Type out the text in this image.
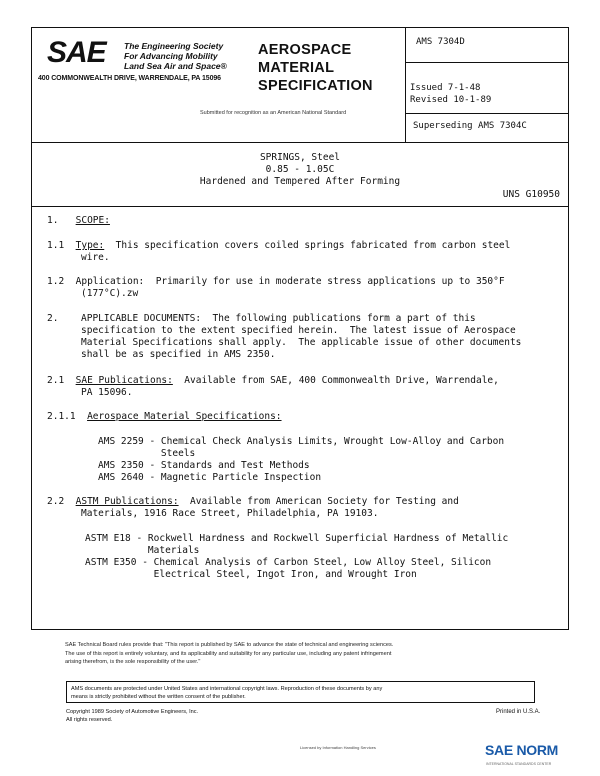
SAE The Engineering Society
For Advancing Mobility
Land Sea Air and Space®
400 COMMONWEALTH DRIVE, WARRENDALE, PA 15096
AEROSPACE
MATERIAL
SPECIFICATION
Submitted for recognition as an American National Standard
AMS 7304D
Issued 7-1-48
Revised 10-1-89
Superseding AMS 7304C
SPRINGS, Steel
0.85 - 1.05C
Hardened and Tempered After Forming
UNS G10950
1. SCOPE:
1.1 Type:  This specification covers coiled springs fabricated from carbon steel
wire.
1.2 Application:  Primarily for use in moderate stress applications up to 350°F
(177°C).zw
2. APPLICABLE DOCUMENTS:  The following publications form a part of this
specification to the extent specified herein.  The latest issue of Aerospace
Material Specifications shall apply.  The applicable issue of other documents
shall be as specified in AMS 2350.
2.1 SAE Publications:  Available from SAE, 400 Commonwealth Drive, Warrendale,
PA 15096.
2.1.1 Aerospace Material Specifications:
AMS 2259 - Chemical Check Analysis Limits, Wrought Low-Alloy and Carbon
Steels
AMS 2350 - Standards and Test Methods
AMS 2640 - Magnetic Particle Inspection
2.2 ASTM Publications:  Available from American Society for Testing and
Materials, 1916 Race Street, Philadelphia, PA 19103.
ASTM E18 - Rockwell Hardness and Rockwell Superficial Hardness of Metallic
Materials
ASTM E350 - Chemical Analysis of Carbon Steel, Low Alloy Steel, Silicon
Electrical Steel, Ingot Iron, and Wrought Iron
SAE Technical Board rules provide that: "This report is published by SAE to advance the state of technical and engineering sciences.
The use of this report is entirely voluntary, and its applicability and suitability for any particular use, including any patent infringement
arising therefrom, is the sole responsibility of the user."
AMS documents are protected under United States and international copyright laws. Reproduction of these documents by any
means is strictly prohibited without the written consent of the publisher.
Copyright 1989 Society of Automotive Engineers, Inc.
All rights reserved.
Printed in U.S.A.
Licensed by Information Handling Services	SAE NORM
INTERNATIONAL STANDARDS CENTER
